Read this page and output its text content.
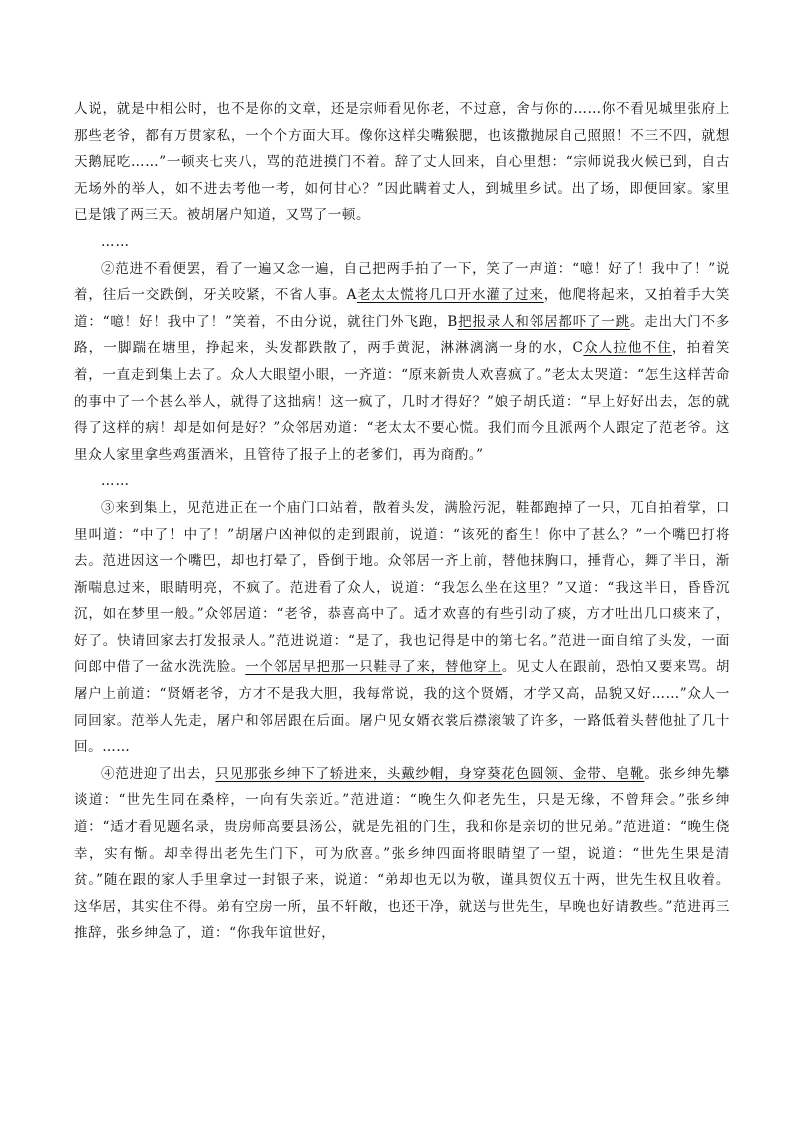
人说，就是中相公时，也不是你的文章，还是宗师看见你老，不过意，舍与你的……你不看见城里张府上那些老爷，都有万贯家私，一个个方面大耳。像你这样尖嘴猴腮，也该撒抛尿自己照照！不三不四，就想天鹅屁吃……”一顿夹七夹八，骂的范进摸门不着。辞了丈人回来，自心里想：“宗师说我火候已到，自古无场外的举人，如不进去考他一考，如何甘心？”因此瞒着丈人，到城里乡试。出了场，即便回家。家里已是饿了两三天。被胡屠户知道，又骂了一顿。

……

②范进不看便罢，看了一遍又念一遍，自己把两手拍了一下，笑了一声道：“噫！好了！我中了！”说着，往后一交跌倒，牙关咬紧，不省人事。A老太太慌将几口开水灌了过来，他爬将起来，又拍着手大笑道：“噫！好！我中了！”笑着，不由分说，就往门外飞跑，B把报录人和邻居都吓了一跳。走出大门不多路，一脚踹在塘里，挣起来，头发都跌散了，两手黄泥，淋淋漓漓一身的水，C众人拉他不住，拍着笑着，一直走到集上去了。众人大眼望小眼，一齐道：“原来新贵人欢喜疯了。”老太太哭道：“怎生这样苦命的事中了一个甚么举人，就得了这拙病！这一疯了，几时才得好？”娘子胡氏道：“早上好好出去，怎的就得了这样的病！却是如何是好？”众邻居劝道：“老太太不要心慌。我们而今且派两个人跟定了范老爷。这里众人家里拿些鸡蛋酒米，且管待了报子上的老爹们，再为商酌。”

……

③来到集上，见范进正在一个庙门口站着，散着头发，满脸污泥，鞋都跑掉了一只，兀自拍着掌，口里叫道：“中了！中了！”胡屠户凶神似的走到跟前，说道：“该死的畜生！你中了甚么？”一个嘴巴打将去。范进因这一个嘴巴，却也打晕了，昏倒于地。众邻居一齐上前，替他抹胸口，捶背心，舞了半日，渐渐喘息过来，眼睛明亮，不疯了。范进看了众人，说道：“我怎么坐在这里？”又道：“我这半日，昏昏沉沉，如在梦里一般。”众邻居道：“老爷，恭喜高中了。适才欢喜的有些引动了痰，方才吐出几口痰来了，好了。快请回家去打发报录人。”范进说道：“是了，我也记得是中的第七名。”范进一面自绾了头发，一面问郎中借了一盆水洗洗脸。一个邻居早把那一只鞋寻了来，替他穿上。见丈人在跟前，恐怕又要来骂。胡屠户上前道：“贤婿老爷，方才不是我大胆，我每常说，我的这个贤婿，才学又高，品貌又好……”众人一同回家。范举人先走，屠户和邻居跟在后面。屠户见女婿衣裳后襟滚皱了许多，一路低着头替他扯了几十回。……

④范进迎了出去，只见那张乡绅下了轿进来，头戴纱帽，身穿葵花色圆领、金带、皂靴。张乡绅先攀谈道：“世先生同在桑梓，一向有失亲近。”范进道：“晚生久仰老先生，只是无缘，不曾拜会。”张乡绅道：“适才看见题名录，贵房师高要县汤公，就是先祖的门生，我和你是亲切的世兄弟。”范进道：“晚生侥幸，实有惭。却幸得出老先生门下，可为欣喜。”张乡绅四面将眼睛望了一望，说道：“世先生果是清贫。”随在跟的家人手里拿过一封银子来，说道：“弟却也无以为敬，谨具贺仪五十两，世先生权且收着。这华居，其实住不得。弟有空房一所，虽不轩敞，也还干净，就送与世先生，早晚也好请教些。”范进再三推辞，张乡绅急了，道：“你我年谊世好，
